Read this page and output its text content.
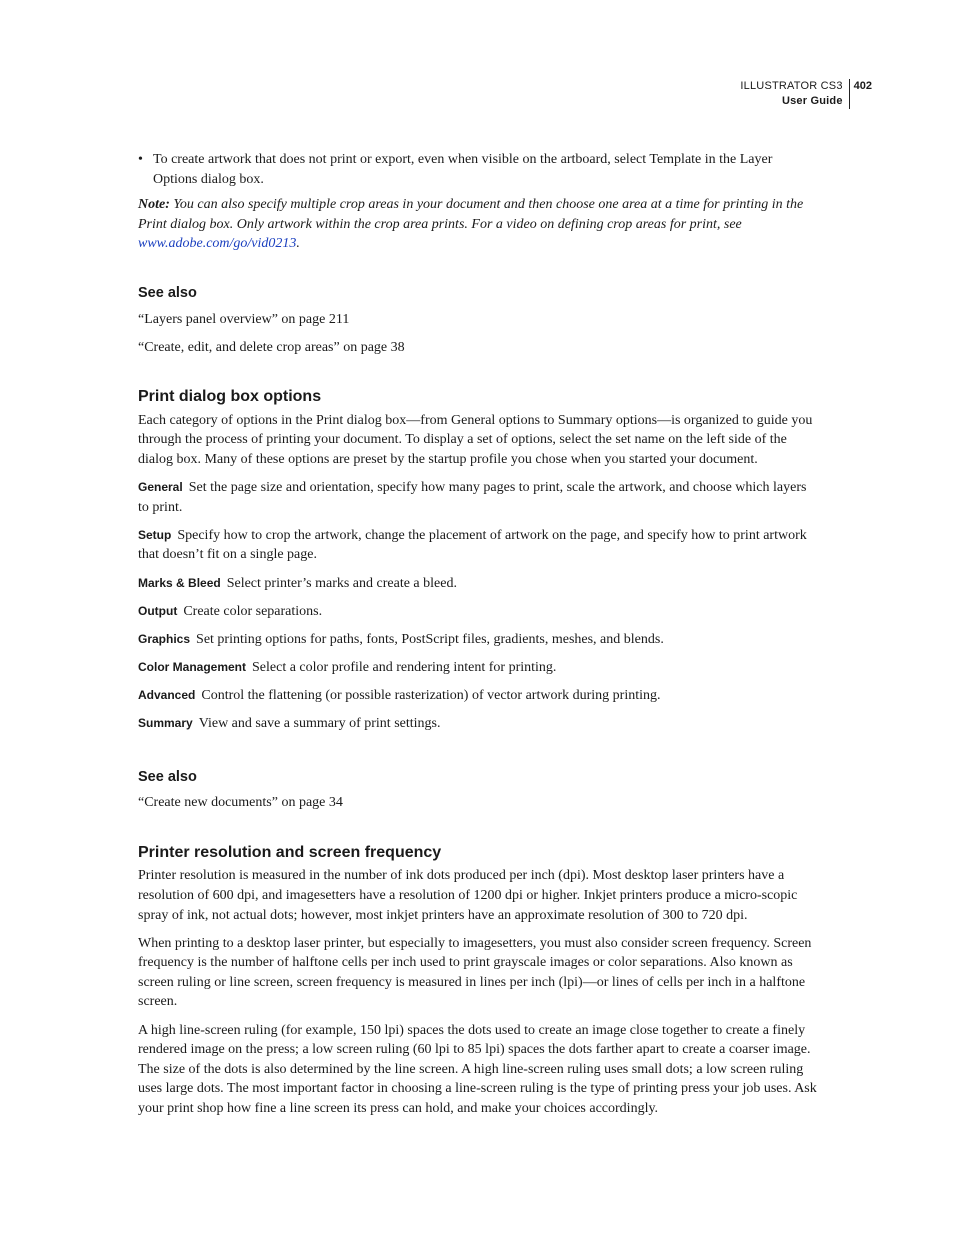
ILLUSTRATOR CS3
User Guide402

• To create artwork that does not print or export, even when visible on the artboard, select Template in the Layer Options dialog box.

Note: You can also specify multiple crop areas in your document and then choose one area at a time for printing in the Print dialog box. Only artwork within the crop area prints. For a video on defining crop areas for print, see www.adobe.com/go/vid0213.

See also

“Layers panel overview” on page 211

“Create, edit, and delete crop areas” on page 38

Print dialog box options

Each category of options in the Print dialog box—from General options to Summary options—is organized to guide you through the process of printing your document. To display a set of options, select the set name on the left side of the dialog box. Many of these options are preset by the startup profile you chose when you started your document.

General Set the page size and orientation, specify how many pages to print, scale the artwork, and choose which layers to print.

Setup Specify how to crop the artwork, change the placement of artwork on the page, and specify how to print artwork that doesn’t fit on a single page.

Marks & Bleed Select printer’s marks and create a bleed.

Output Create color separations.

Graphics Set printing options for paths, fonts, PostScript files, gradients, meshes, and blends.

Color Management Select a color profile and rendering intent for printing.

Advanced Control the flattening (or possible rasterization) of vector artwork during printing.

Summary View and save a summary of print settings.

See also

“Create new documents” on page 34

Printer resolution and screen frequency

Printer resolution is measured in the number of ink dots produced per inch (dpi). Most desktop laser printers have a resolution of 600 dpi, and imagesetters have a resolution of 1200 dpi or higher. Inkjet printers produce a micro-scopic spray of ink, not actual dots; however, most inkjet printers have an approximate resolution of 300 to 720 dpi.

When printing to a desktop laser printer, but especially to imagesetters, you must also consider screen frequency. Screen frequency is the number of halftone cells per inch used to print grayscale images or color separations. Also known as screen ruling or line screen, screen frequency is measured in lines per inch (lpi)—or lines of cells per inch in a halftone screen.

A high line-screen ruling (for example, 150 lpi) spaces the dots used to create an image close together to create a finely rendered image on the press; a low screen ruling (60 lpi to 85 lpi) spaces the dots farther apart to create a coarser image. The size of the dots is also determined by the line screen. A high line-screen ruling uses small dots; a low screen ruling uses large dots. The most important factor in choosing a line-screen ruling is the type of printing press your job uses. Ask your print shop how fine a line screen its press can hold, and make your choices accordingly.
